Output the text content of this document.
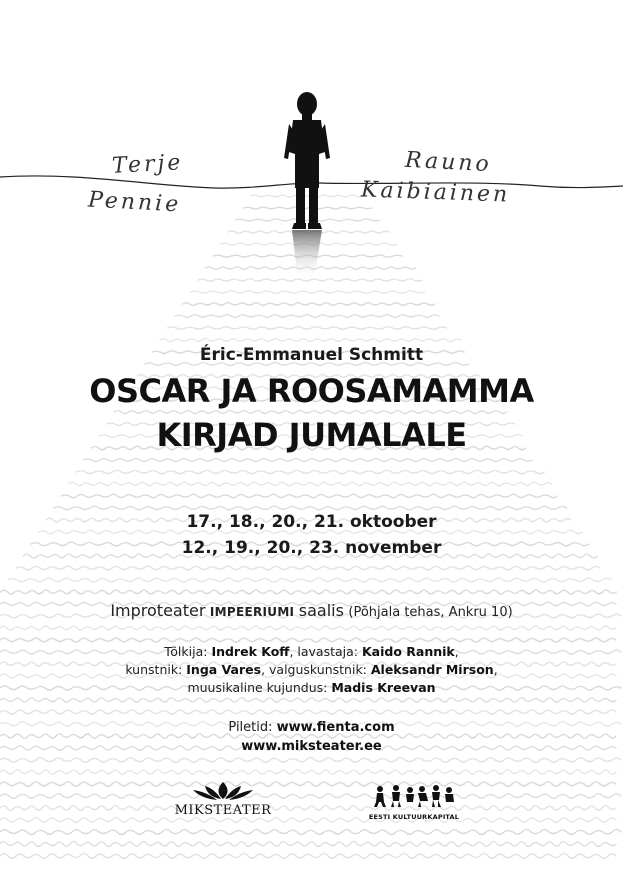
Terje
Pennie
Rauno
Kaibiainen
Éric-Emmanuel Schmitt
OSCAR JA ROOSAMAMMA
KIRJAD JUMALALE
17., 18., 20., 21. oktoober
12., 19., 20., 23. november
Improteater IMPEERIUMI saalis (Põhjala tehas, Ankru 10)
Tõlkija: Indrek Koff, lavastaja: Kaido Rannik,
kunstnik: Inga Vares, valguskunstnik: Aleksandr Mirson,
muusikaline kujundus: Madis Kreevan
Piletid: www.fienta.com
www.miksteater.ee
MIKSTEATER	EESTI KULTUURKAPITAL
